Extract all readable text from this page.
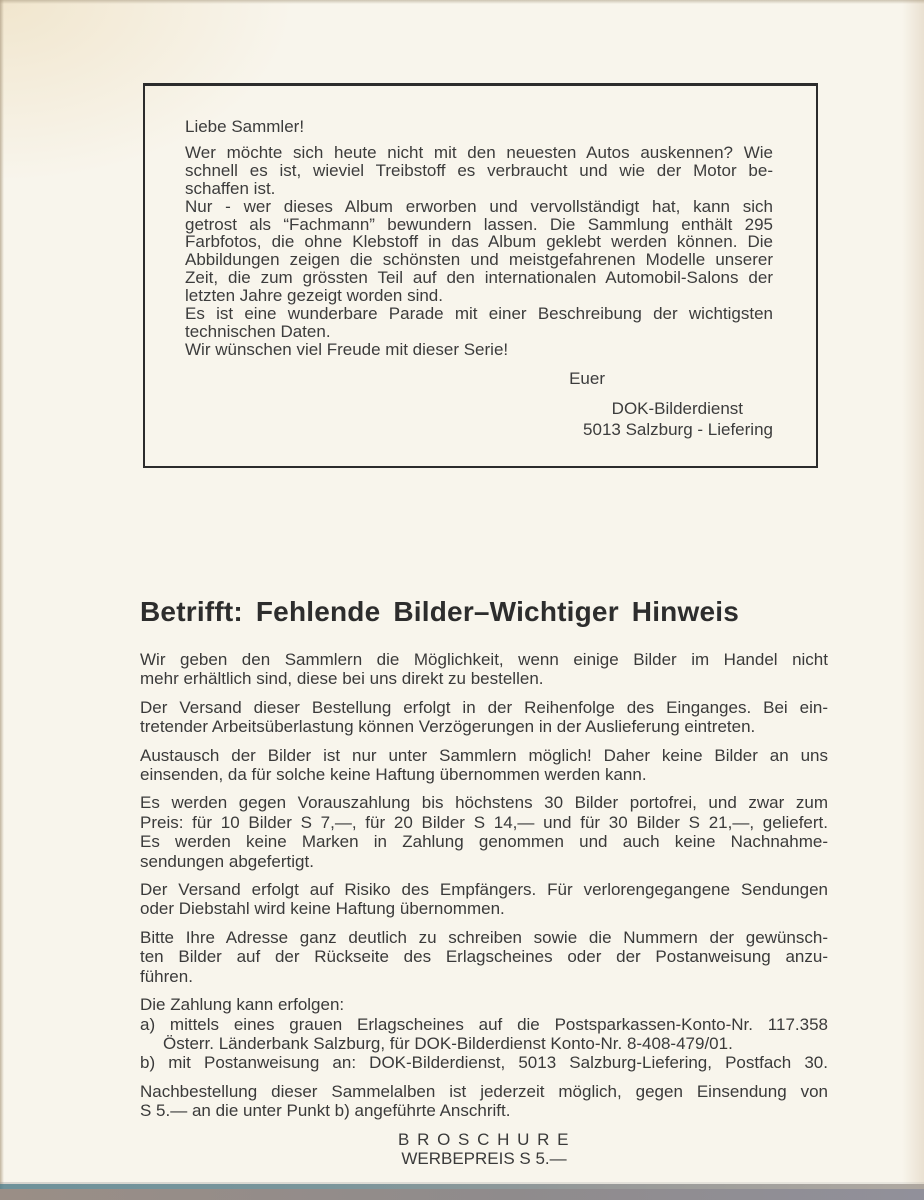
Liebe Sammler!
Wer möchte sich heute nicht mit den neuesten Autos auskennen? Wie
schnell es ist, wieviel Treibstoff es verbraucht und wie der Motor be-
schaffen ist.
Nur - wer dieses Album erworben und vervollständigt hat, kann sich
getrost als “Fachmann” bewundern lassen. Die Sammlung enthält 295
Farbfotos, die ohne Klebstoff in das Album geklebt werden können. Die
Abbildungen zeigen die schönsten und meistgefahrenen Modelle unserer
Zeit, die zum grössten Teil auf den internationalen Automobil-Salons der
letzten Jahre gezeigt worden sind.
Es ist eine wunderbare Parade mit einer Beschreibung der wichtigsten
technischen Daten.
Wir wünschen viel Freude mit dieser Serie!
Euer
DOK-Bilderdienst
5013 Salzburg - Liefering
Betrifft: Fehlende Bilder–Wichtiger Hinweis
Wir geben den Sammlern die Möglichkeit, wenn einige Bilder im Handel nicht
mehr erhältlich sind, diese bei uns direkt zu bestellen.
Der Versand dieser Bestellung erfolgt in der Reihenfolge des Einganges. Bei ein-
tretender Arbeitsüberlastung können Verzögerungen in der Auslieferung eintreten.
Austausch der Bilder ist nur unter Sammlern möglich! Daher keine Bilder an uns
einsenden, da für solche keine Haftung übernommen werden kann.
Es werden gegen Vorauszahlung bis höchstens 30 Bilder portofrei, und zwar zum
Preis: für 10 Bilder S 7,—, für 20 Bilder S 14,— und für 30 Bilder S 21,—, geliefert.
Es werden keine Marken in Zahlung genommen und auch keine Nachnahme-
sendungen abgefertigt.
Der Versand erfolgt auf Risiko des Empfängers. Für verlorengegangene Sendungen
oder Diebstahl wird keine Haftung übernommen.
Bitte Ihre Adresse ganz deutlich zu schreiben sowie die Nummern der gewünsch-
ten Bilder auf der Rückseite des Erlagscheines oder der Postanweisung anzu-
führen.
Die Zahlung kann erfolgen:
a) mittels eines grauen Erlagscheines auf die Postsparkassen-Konto-Nr. 117.358
Österr. Länderbank Salzburg, für DOK-Bilderdienst Konto-Nr. 8-408-479/01.
b) mit Postanweisung an: DOK-Bilderdienst, 5013 Salzburg-Liefering, Postfach 30.
Nachbestellung dieser Sammelalben ist jederzeit möglich, gegen Einsendung von
S 5.— an die unter Punkt b) angeführte Anschrift.
B R O S C H U R E
WERBEPREIS S 5.—
